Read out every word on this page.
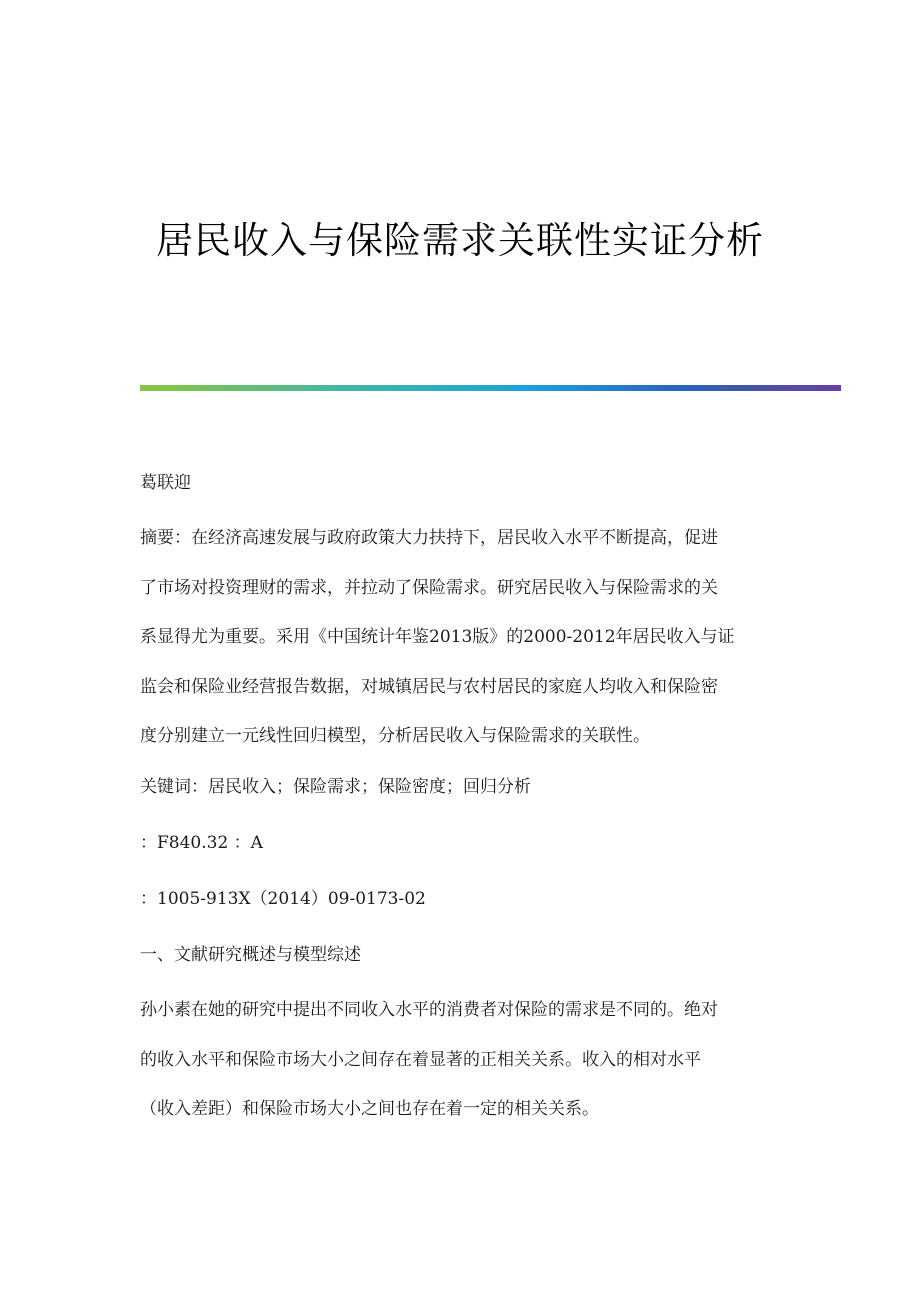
居民收入与保险需求关联性实证分析
葛联迎
摘要：在经济高速发展与政府政策大力扶持下，居民收入水平不断提高，促进
了市场对投资理财的需求，并拉动了保险需求。研究居民收入与保险需求的关
系显得尤为重要。采用《中国统计年鉴2013版》的2000-2012年居民收入与证
监会和保险业经营报告数据，对城镇居民与农村居民的家庭人均收入和保险密
度分别建立一元线性回归模型，分析居民收入与保险需求的关联性。
关键词：居民收入；保险需求；保险密度；回归分析
：F840.32 ：A
：1005-913X（2014）09-0173-02
一、文献研究概述与模型综述
孙小素在她的研究中提出不同收入水平的消费者对保险的需求是不同的。绝对
的收入水平和保险市场大小之间存在着显著的正相关关系。收入的相对水平
（收入差距）和保险市场大小之间也存在着一定的相关关系。
